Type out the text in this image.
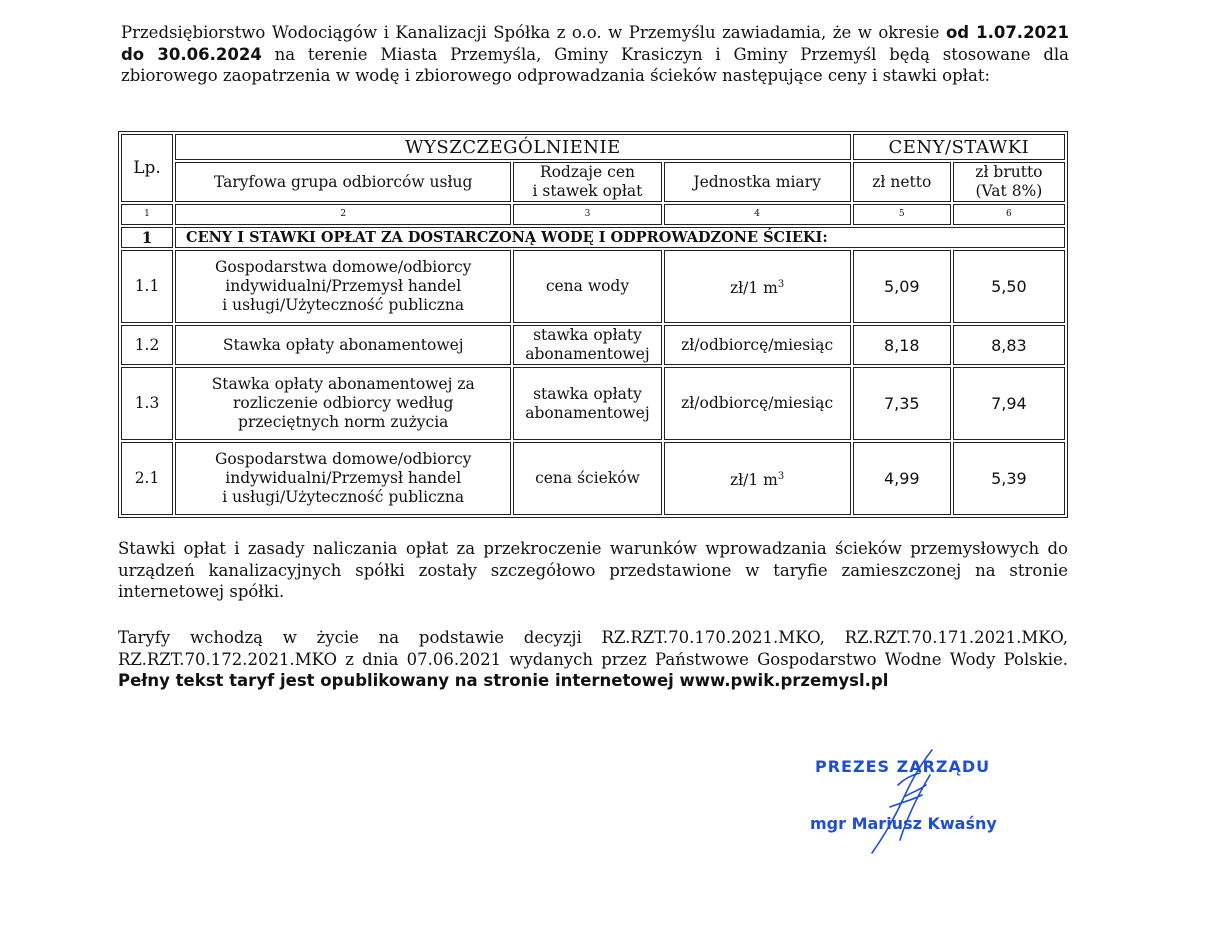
Przedsiębiorstwo Wodociągów i Kanalizacji Spółka z o.o. w Przemyślu zawiadamia, że w okresie od 1.07.2021 do 30.06.2024 na terenie Miasta Przemyśla, Gminy Krasiczyn i Gminy Przemyśl będą stosowane dla zbiorowego zaopatrzenia w wodę i zbiorowego odprowadzania ścieków następujące ceny i stawki opłat:

Lp.	WYSZCZEGÓLNIENIE			CENY/STAWKI	
	Taryfowa grupa odbiorców usług	Rodzaje cen
i stawek opłat	Jednostka miary	zł netto	zł brutto
(Vat 8%)
1	2	3	4	5	6
1	CENY I STAWKI OPŁAT ZA DOSTARCZONĄ WODĘ I ODPROWADZONE ŚCIEKI:				
1.1	Gospodarstwa domowe/odbiorcy
indywidualni/Przemysł handel
i usługi/Użyteczność publiczna	cena wody	zł/1 $m^3$	5,09	5,50
1.2	Stawka opłaty abonamentowej	stawka opłaty
abonamentowej	zł/odbiorcę/miesiąc	8,18	8,83
1.3	Stawka opłaty abonamentowej za
rozliczenie odbiorcy według
przeciętnych norm zużycia	stawka opłaty
abonamentowej	zł/odbiorcę/miesiąc	7,35	7,94
2.1	Gospodarstwa domowe/odbiorcy
indywidualni/Przemysł handel
i usługi/Użyteczność publiczna	cena ścieków	zł/1 $m^3$	4,99	5,39

Stawki opłat i zasady naliczania opłat za przekroczenie warunków wprowadzania ścieków przemysłowych do urządzeń kanalizacyjnych spółki zostały szczegółowo przedstawione w taryfie zamieszczonej na stronie internetowej spółki.

Taryfy wchodzą w życie na podstawie decyzji RZ.RZT.70.170.2021.MKO, RZ.RZT.70.171.2021.MKO, RZ.RZT.70.172.2021.MKO z dnia 07.06.2021 wydanych przez Państwowe Gospodarstwo Wodne Wody Polskie. Pełny tekst taryf jest opublikowany na stronie internetowej www.pwik.przemysl.pl

PREZES ZARZĄDU
mgr Mariusz Kwaśny
